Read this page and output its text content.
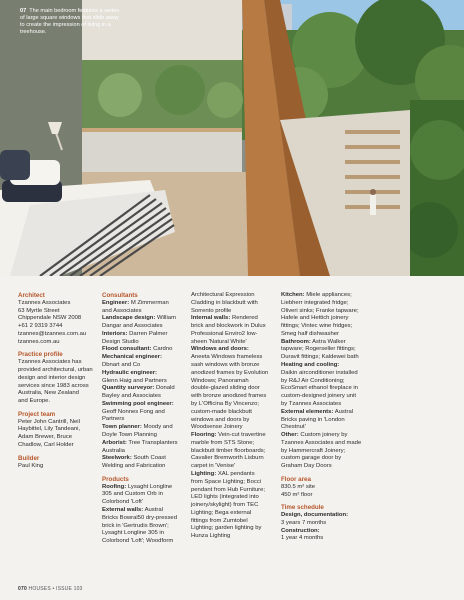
07 The main bedroom features a series of large square windows that slide away to create the impression of living in a treehouse.
Architect
Tzannes Associates
63 Myrtle Street
Chippendale NSW 2008
+61 2 9319 3744
tzannes@tzannes.com.au
tzannes.com.au
Practice profile
Tzannes Associates has
provided architectural, urban
design and interior design
services since 1983 across
Australia, New Zealand
and Europe.
Project team
Peter John Cantrill, Neil
Haybittel, Lily Tandeani,
Adam Brewer, Bruce
Chadlow, Carl Holder
Builder
Paul King
Consultants
Engineer: M Zimmerman
and Associates
Landscape design: William
Dangar and Associates
Interiors: Darren Palmer
Design Studio
Flood consultant: Cardno
Mechanical engineer:
Dbnart and Co
Hydraulic engineer:
Glenn Haig and Partners
Quantity surveyor: Donald
Bayley and Associates
Swimming pool engineer:
Geoff Nonnes Fong and
Partners
Town planner: Moody and
Doyle Town Planning
Arborist: Tree Transplanters
Australia
Steelwork: South Coast
Welding and Fabrication
Products
Roofing: Lysaght Longline
305 and Custom Orb in
Colorbond 'Loft'
External walls: Austral
Bricks Bowral50 dry-pressed
brick in 'Gertrudis Brown';
Lysaght Longline 305 in
Colorbond 'Loft'; Woodform
Architectural Expression
Cladding in blackbutt with
Sorrento profile
Internal walls: Rendered
brick and blockwork in Dulux
Professional Enviro2 low-
sheen 'Natural White'
Windows and doors:
Aneeta Windows frameless
sash windows with bronze
anodized frames by Evolution
Windows; Panoramah
double-glazed sliding door
with bronze anodized frames
by L'Officina By Vincenzo;
custom-made blackbutt
windows and doors by
Woodsense Joinery
Flooring: Vein-cut travertine
marble from STS Stone;
blackbutt timber floorboards;
Cavalier Bremworth Lisburn
carpet in 'Venise'
Lighting: XAL pendants
from Space Lighting; Bocci
pendant from Hub Furniture;
LED lights (integrated into
joinery/skylight) from TEC
Lighting; Bega external
fittings from Zumtobel
Lighting; garden lighting by
Hunza Lighting
Kitchen: Miele appliances;
Liebherr integrated fridge;
Oliveri sinks; Franke tapware;
Hafele and Hettich joinery
fittings; Vintec wine fridges;
Smeg half dishwasher
Bathroom: Astra Walker
tapware; Rogerseller fittings;
Duravit fittings; Kaldewei bath
Heating and cooling:
Daikin airconditioner installed
by R&J Air Conditioning;
EcoSmart ethanol fireplace in
custom-designed joinery unit
by Tzannes Associates
External elements: Austral
Bricks paving in 'London
Chestnut'
Other: Custom joinery by
Tzannes Associates and made
by Hammercraft Joinery;
custom garage door by
Graham Day Doors
Floor area
830.5 m² site
450 m² floor
Time schedule
Design, documentation:
3 years 7 months
Construction:
1 year 4 months
070 HOUSES • ISSUE 103
